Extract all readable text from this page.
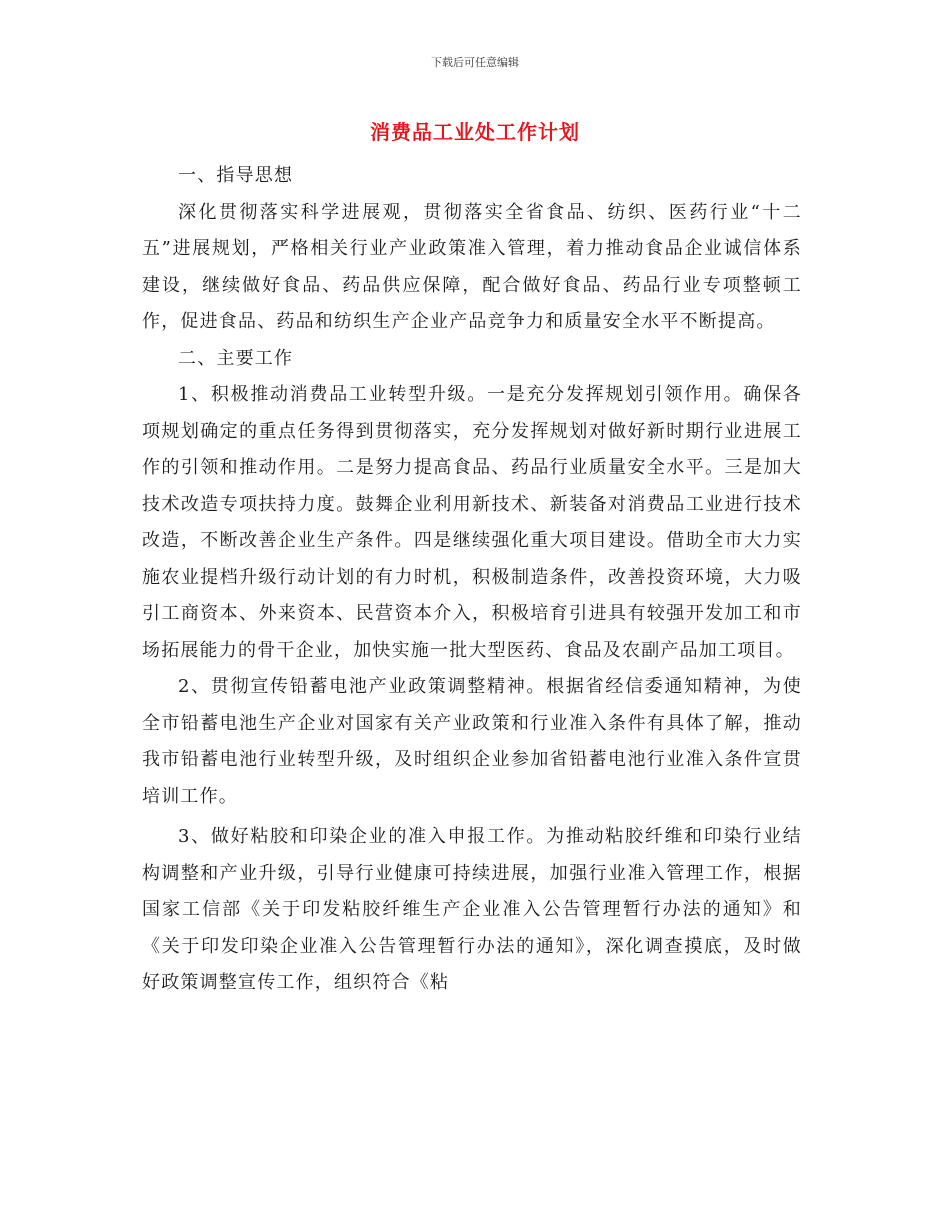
下载后可任意编辑
消费品工业处工作计划

一、指导思想

深化贯彻落实科学进展观，贯彻落实全省食品、纺织、医药行业“十二五”进展规划，严格相关行业产业政策准入管理，着力推动食品企业诚信体系建设，继续做好食品、药品供应保障，配合做好食品、药品行业专项整顿工作，促进食品、药品和纺织生产企业产品竞争力和质量安全水平不断提高。

二、主要工作

1、积极推动消费品工业转型升级。一是充分发挥规划引领作用。确保各项规划确定的重点任务得到贯彻落实，充分发挥规划对做好新时期行业进展工作的引领和推动作用。二是努力提高食品、药品行业质量安全水平。三是加大技术改造专项扶持力度。鼓舞企业利用新技术、新装备对消费品工业进行技术改造，不断改善企业生产条件。四是继续强化重大项目建设。借助全市大力实施农业提档升级行动计划的有力时机，积极制造条件，改善投资环境，大力吸引工商资本、外来资本、民营资本介入，积极培育引进具有较强开发加工和市场拓展能力的骨干企业，加快实施一批大型医药、食品及农副产品加工项目。

2、贯彻宣传铅蓄电池产业政策调整精神。根据省经信委通知精神，为使全市铅蓄电池生产企业对国家有关产业政策和行业准入条件有具体了解，推动我市铅蓄电池行业转型升级，及时组织企业参加省铅蓄电池行业准入条件宣贯培训工作。

3、做好粘胶和印染企业的准入申报工作。为推动粘胶纤维和印染行业结构调整和产业升级，引导行业健康可持续进展，加强行业准入管理工作，根据国家工信部《关于印发粘胶纤维生产企业准入公告管理暂行办法的通知》和《关于印发印染企业准入公告管理暂行办法的通知》，深化调查摸底，及时做好政策调整宣传工作，组织符合《粘
